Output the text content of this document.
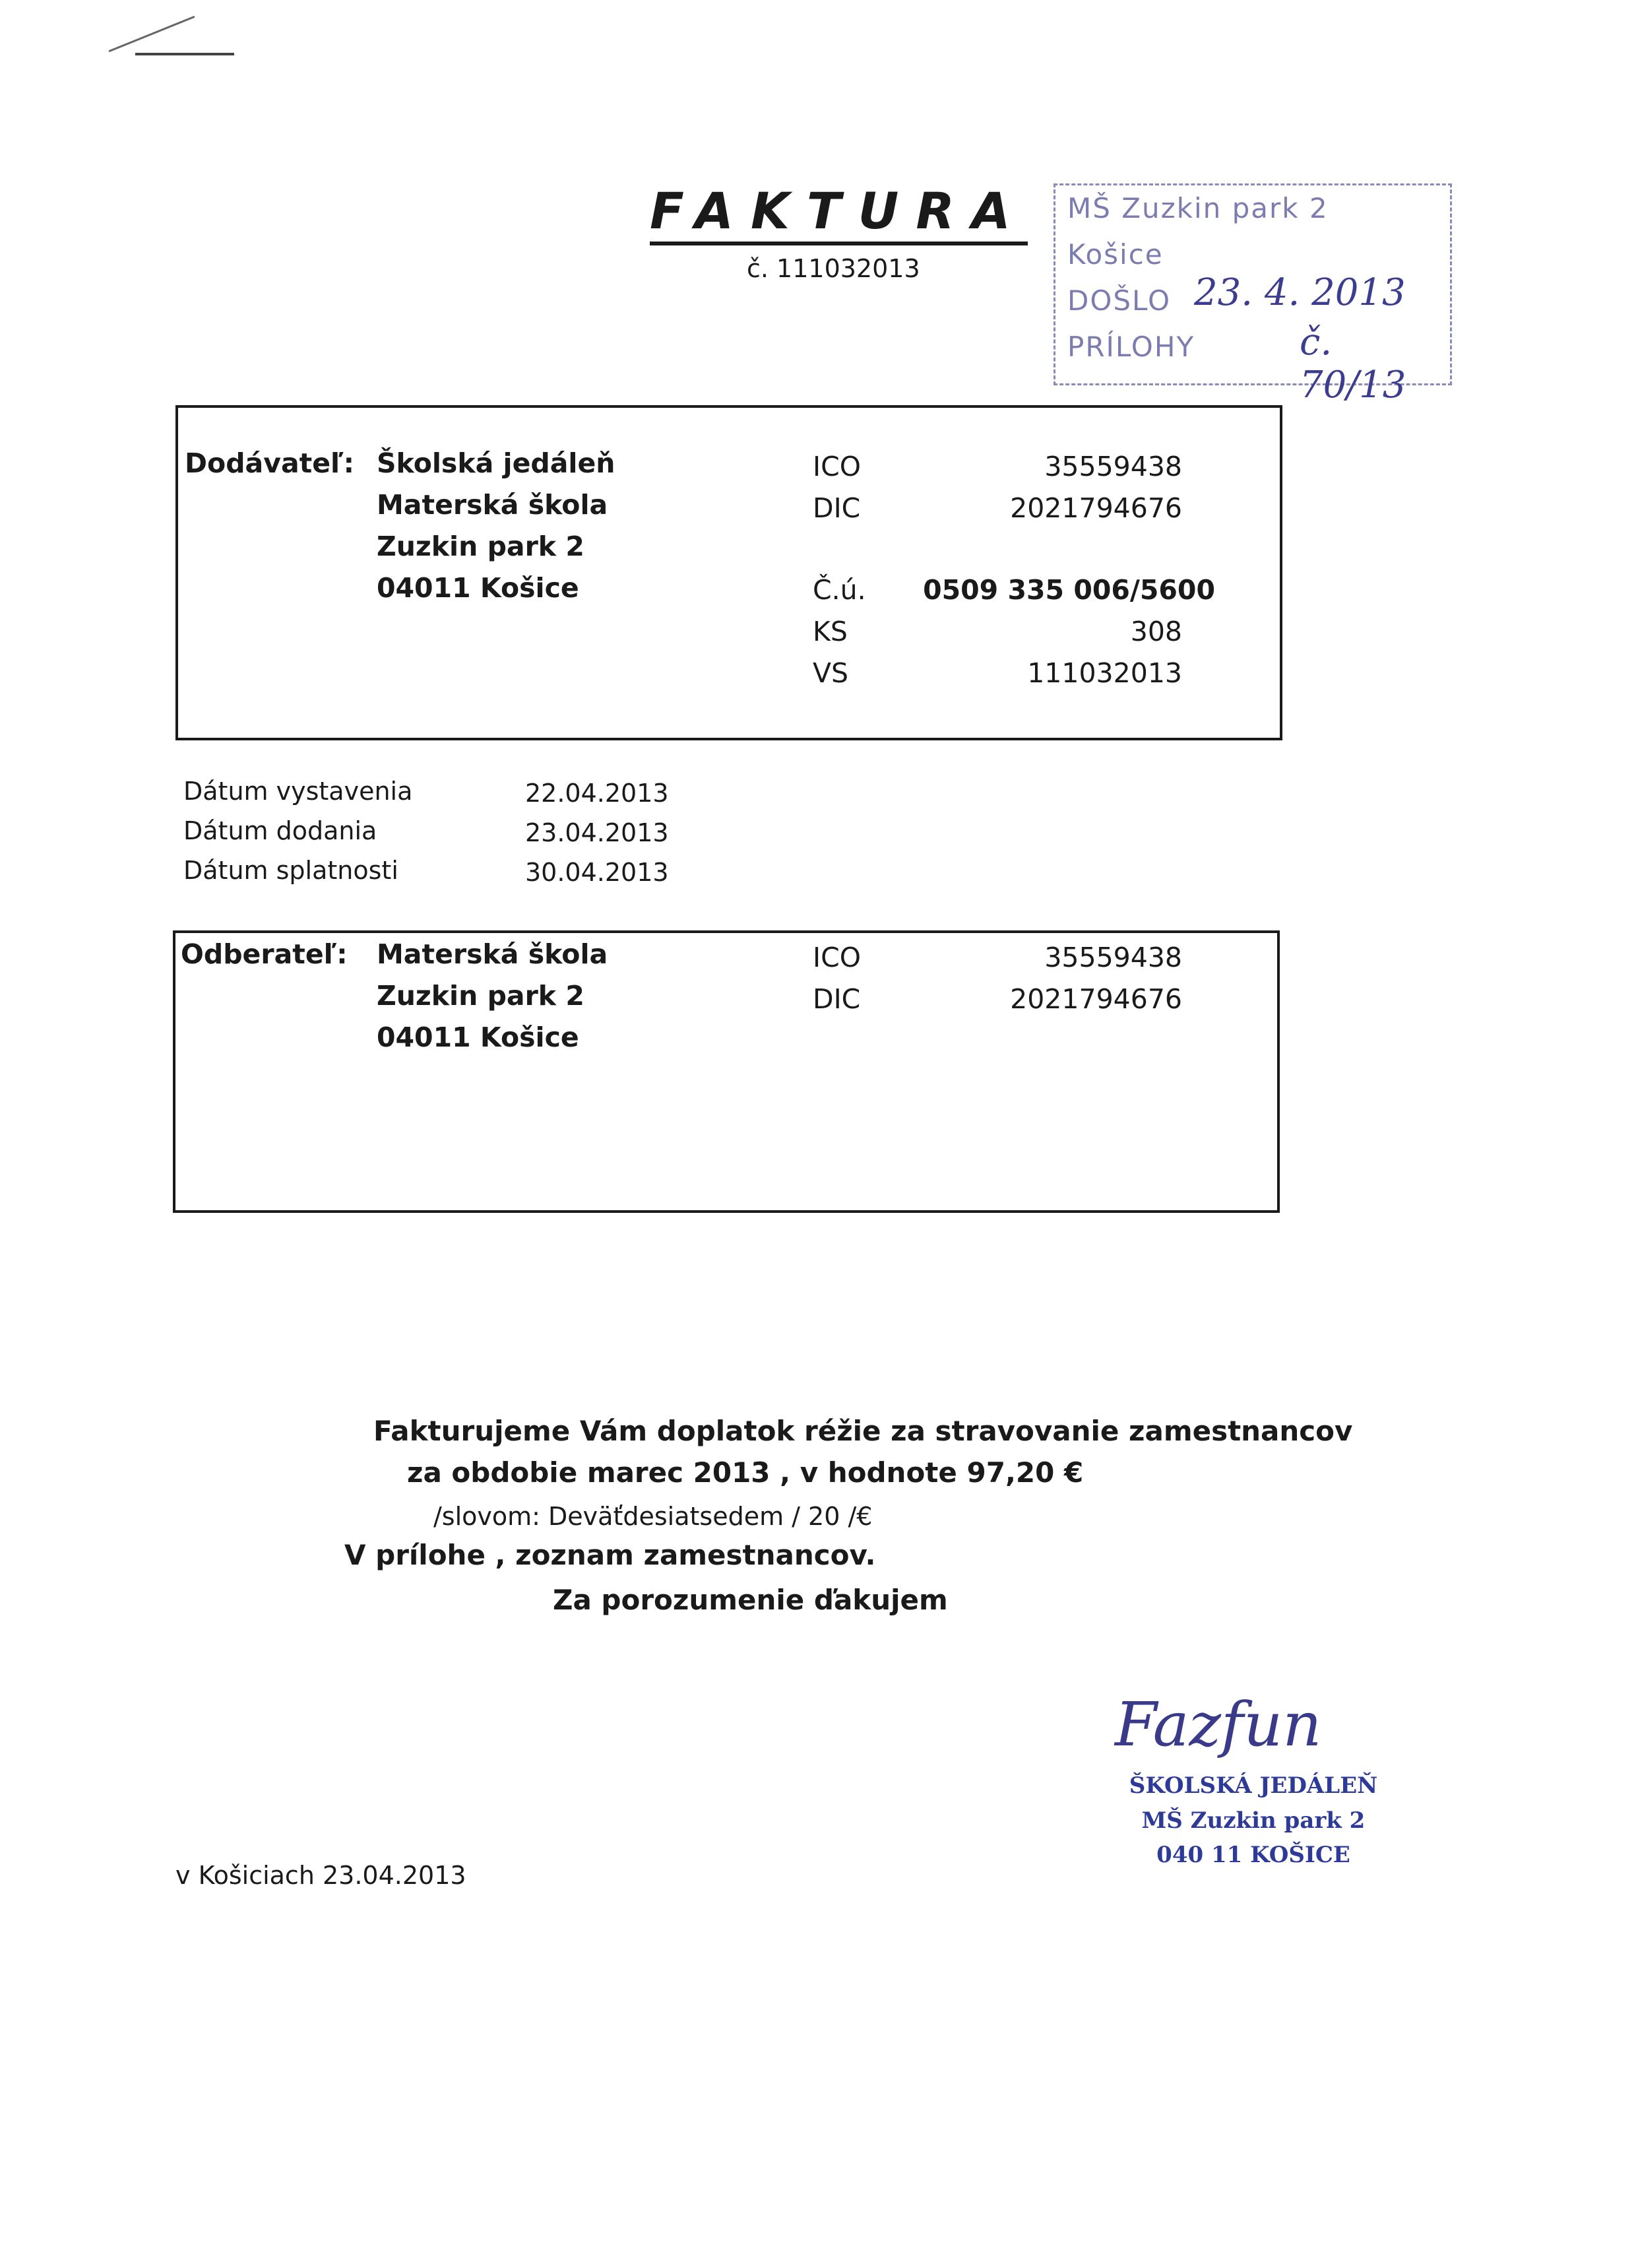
FAKTURA
č. 111032013
MŠ Zuzkin park 2
Košice
DOŠLO 23. 4. 2013
PRÍLOHY	č. 70/13
Dodávateľ: Školská jedáleň
Materská škola
Zuzkin park 2
04011 Košice
ICO	35559438
DIC	2021794676
Č.ú.	0509 335 006/5600
KS	308
VS	111032013
Dátum vystavenia	22.04.2013
Dátum dodania	23.04.2013
Dátum splatnosti	30.04.2013
Odberateľ: Materská škola
Zuzkin park 2
04011 Košice
ICO	35559438
DIC	2021794676
Fakturujeme Vám doplatok réžie za stravovanie zamestnancov
za obdobie marec 2013 , v hodnote 97,20 €
/slovom: Deväťdesiatsedem / 20 /€
V prílohe , zoznam zamestnancov.
Za porozumenie ďakujem
Fazfun
ŠKOLSKÁ JEDÁLEŇ
MŠ Zuzkin park 2
040 11 KOŠICE
v Košiciach 23.04.2013
